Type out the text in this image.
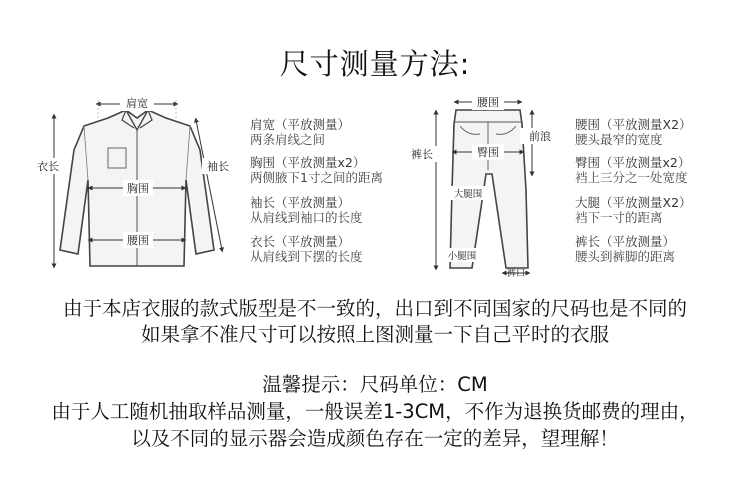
尺寸测量方法:
肩宽
衣长	袖长
胸围
腰围
肩宽（平放测量）
两条肩线之间
胸围（平放测量x2）
两侧腋下1寸之间的距离
袖长（平放测量）
从肩线到袖口的长度
衣长（平放测量）
从肩线到下摆的长度
腰围
前浪
裤长	臀围
大腿围
小腿围
裤口
腰围（平放测量X2）
腰头最窄的宽度
臀围（平放测量x2）
裆上三分之一处宽度
大腿（平放测量X2）
裆下一寸的距离
裤长（平放测量）
腰头到裤脚的距离
由于本店衣服的款式版型是不一致的，出口到不同国家的尺码也是不同的
如果拿不准尺寸可以按照上图测量一下自己平时的衣服
温馨提示：尺码单位：CM
由于人工随机抽取样品测量，一般误差1-3CM，不作为退换货邮费的理由，
以及不同的显示器会造成颜色存在一定的差异，望理解！
